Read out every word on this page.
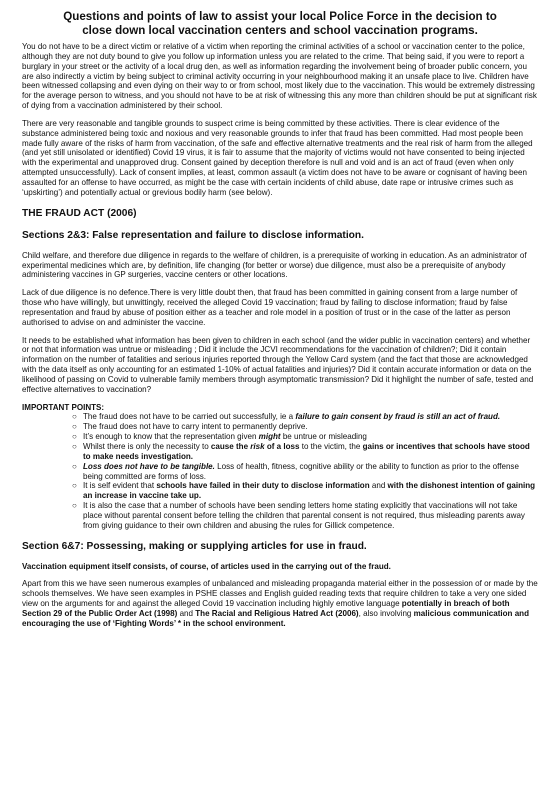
Questions and points of law to assist your local Police Force in the decision to
close down local vaccination centers and school vaccination programs.

You do not have to be a direct victim or relative of a victim when reporting the criminal activities of a school or vaccination center to the police, although they are not duty bound to give you follow up information unless you are related to the crime. That being said, if you were to report a burglary in your street or the activity of a local drug den, as well as information regarding the involvement being of broader public concern, you are also indirectly a victim by being subject to criminal activity occurring in your neighbourhood making it an unsafe place to live. Children have been witnessed collapsing and even dying on their way to or from school, most likely due to the vaccination. This would be extremely distressing for the average person to witness, and you should not have to be at risk of witnessing this any more than children should be put at significant risk of dying from a vaccination administered by their school.

There are very reasonable and tangible grounds to suspect crime is being committed by these activities. There is clear evidence of the substance administered being toxic and noxious and very reasonable grounds to infer that fraud has been committed. Had most people been made fully aware of the risks of harm from vaccination, of the safe and effective alternative treatments and the real risk of harm from the alleged (and yet still unisolated or identified) Covid 19 virus, it is fair to assume that the majority of victims would not have consented to being injected with the experimental and unapproved drug. Consent gained by deception therefore is null and void and is an act of fraud (even when only attempted unsuccessfully). Lack of consent implies, at least, common assault (a victim does not have to be aware or cognisant of having been assaulted for an offense to have occurred, as might be the case with certain incidents of child abuse, date rape or intrusive crimes such as ‘upskirting’) and potentially actual or grevious bodily harm (see below).

THE FRAUD ACT (2006)
Sections 2&3: False representation and failure to disclose information.

Child welfare, and therefore due diligence in regards to the welfare of children, is a prerequisite of working in education. As an administrator of experimental medicines which are, by definition, life changing (for better or worse) due diligence, must also be a prerequisite of anybody administering vaccines in GP surgeries, vaccine centers or other locations.

Lack of due diligence is no defence.There is very little doubt then, that fraud has been committed in gaining consent from a large number of those who have willingly, but unwittingly, received the alleged Covid 19 vaccination; fraud by failing to disclose information; fraud by false representation and fraud by abuse of position either as a teacher and role model in a position of trust or in the case of the latter as person authorised to advise on and administer the vaccine.

It needs to be established what information has been given to children in each school (and the wider public in vaccination centers) and whether or not that information was untrue or misleading ; Did it include the JCVI recommendations for the vaccination of children?; Did it contain information on the number of fatalities and serious injuries reported through the Yellow Card system (and the fact that those are acknowledged with the data itself as only accounting for an estimated 1-10% of actual fatalities and injuries)? Did it contain accurate information or data on the likelihood of passing on Covid to vulnerable family members through asymptomatic transmission? Did it highlight the number of safe, tested and effective alternatives to vaccination?

IMPORTANT POINTS:
○ The fraud does not have to be carried out successfully, ie a failure to gain consent by fraud is still an act of fraud.
○ The fraud does not have to carry intent to permanently deprive.
○ It’s enough to know that the representation given might be untrue or misleading
○ Whilst there is only the necessity to cause the risk of a loss to the victim, the gains or incentives that schools have stood to make needs investigation.
○ Loss does not have to be tangible. Loss of health, fitness, cognitive ability or the ability to function as prior to the offense being committed are forms of loss.
○ It is self evident that schools have failed in their duty to disclose information and with the dishonest intention of gaining an increase in vaccine take up.
○ It is also the case that a number of schools have been sending letters home stating explicitly that vaccinations will not take place without parental consent before telling the children that parental consent is not required, thus misleading parents away from giving guidance to their own children and abusing the rules for Gillick competence.
Section 6&7: Possessing, making or supplying articles for use in fraud.

Vaccination equipment itself consists, of course, of articles used in the carrying out of the fraud.

Apart from this we have seen numerous examples of unbalanced and misleading propaganda material either in the possession of or made by the schools themselves. We have seen examples in PSHE classes and English guided reading texts that require children to take a very one sided view on the arguments for and against the alleged Covid 19 vaccination including highly emotive language potentially in breach of both Section 29 of the Public Order Act (1998) and The Racial and Religious Hatred Act (2006), also involving malicious communication and encouraging the use of ‘Fighting Words’ * in the school environment.
